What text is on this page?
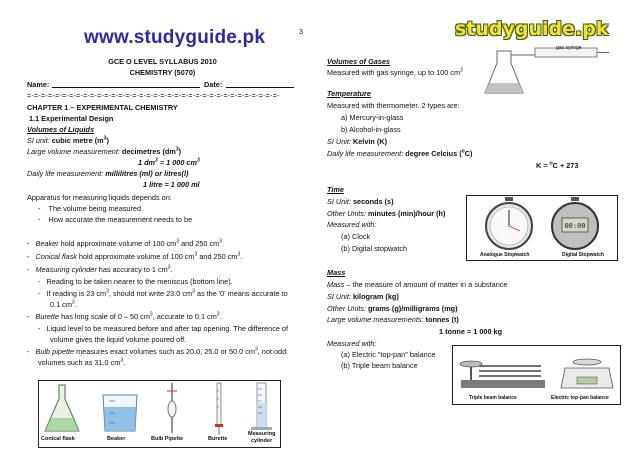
www.studyguide.pk	3
GCE O LEVEL SYLLABUS 2010
CHEMISTRY (5070)
Name:	Date:
=-=-=-=-=-=-=-=-=-=-=-=-=-=-=-=-=-=-=-=-=-=-=-=-=-=-=-=-=-=-=-=-=-=-=-=-
CHAPTER 1 – EXPERIMENTAL CHEMISTRY
1.1 Experimental Design
Volumes of Liquids
SI unit: cubic metre $(m^3)$
Large volume measurement: decimetres $(dm^3)$
1 $dm^3 = 1$ 000 $cm^3$
Daily life measurement: millilitres (ml) or litres(l)
1 litre = 1 000 ml
Apparatus for measuring liquids depends on:
-    The volume being measured
-    How accurate the measurement needs to be
-   Beaker hold approximate volume of 100 $cm^3$ and 250 $cm^3$.
-   Conical flask hold approximate volume of 100 $cm^3$ and 250 $cm^3$.
-   Measuring cylinder has accuracy to 1 $cm^3$.
-   Reading to be taken nearer to the meniscus (bottom line).
-   If reading is 23 $cm^3$, should not write 23.0 $cm^3$ as the '0' means accurate to
0.1 $cm^3$.
-   Burette has long scale of 0 – 50 $cm^3$, accurate to 0.1 $cm^3$.
-   Liquid level to be measured before and after tap opening. The difference of
volume gives the liquid volume poured off.
-   Bulb pipette measures exact volumes such as 20.0, 25.0 or 50.0 $cm^3$, not odd
volumes such as 31.0 $cm^3$.
Conical flask	Beaker	Bulb Pipette	Burette
Measuring
cylinder
studyguide.pk
gas syringe
Volumes of Gases
Measured with gas syringe, up to 100 $cm^3$
Temperature
Measured with thermometer. 2 types are:
a) Mercury-in-glass
b) Alcohol-in-glass
SI Unit: Kelvin (K)
Daily life measurement: degree Celcius ($^o$C)
K = $^o$C + 273
Time
SI Unit: seconds (s)
Other Units: minutes (min)/hour (h)
Measured with:
(a) Clock
(b) Digital stopwatch
00:00
Analogue Stopwatch	Digital Stopwatch
Mass
Mass – the measure of amount of matter in a substance
SI Unit: kilogram (kg)
Other Units: grams (g)/milligrams (mg)
Large volume measurements: tonnes (t)
1 tonne = 1 000 kg
Measured with:
(a) Electric "top-pan" balance
(b) Triple beam balance
Triple beam balance	Electric top-pan balance
